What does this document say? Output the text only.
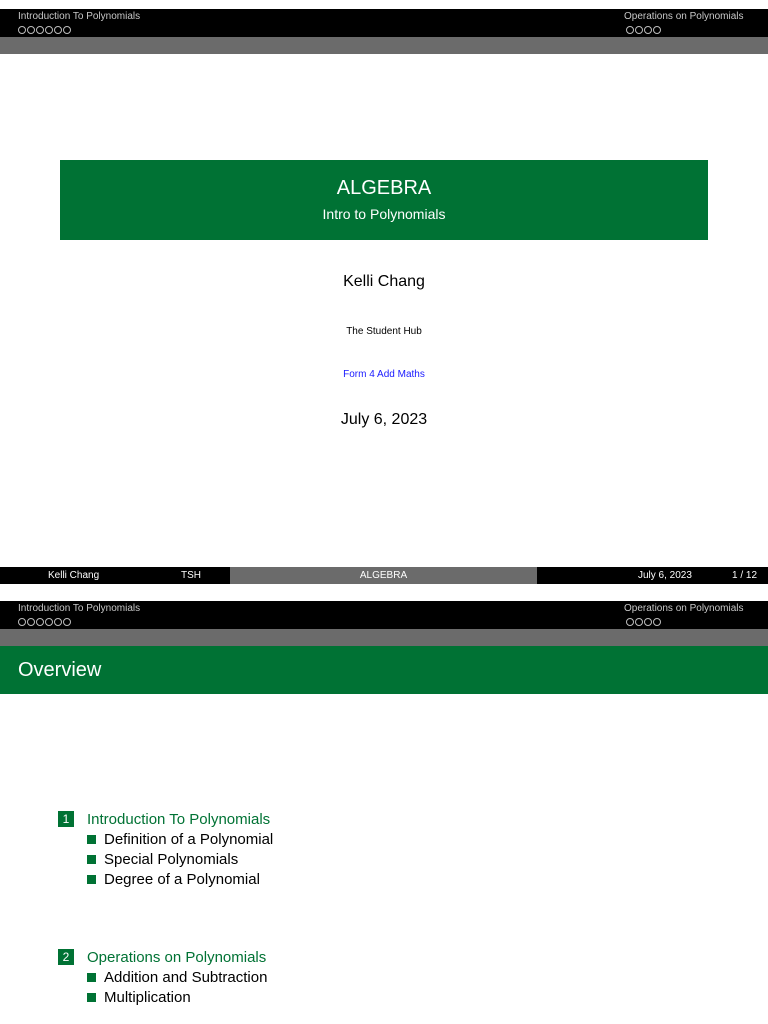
Introduction To Polynomials	Operations on Polynomials
ALGEBRA
Intro to Polynomials
Kelli Chang
The Student Hub
Form 4 Add Maths
July 6, 2023
Kelli Chang	TSH	ALGEBRA	July 6, 2023	1 / 12
Introduction To Polynomials	Operations on Polynomials
Overview
1	Introduction To Polynomials
Definition of a Polynomial
Special Polynomials
Degree of a Polynomial
2	Operations on Polynomials
Addition and Subtraction
Multiplication
